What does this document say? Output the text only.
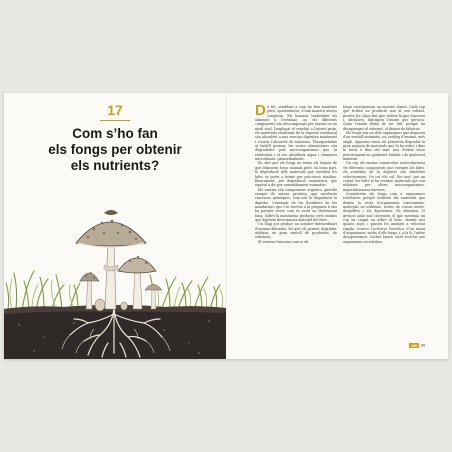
17
Com s’ho fan
els fongs per obtenir
els nutrients?

De fet, semblant a com ho fem nosaltres però, aparentment, d’una manera menys complexa. Els humans tradueixen els aliments a l’estómac, on els diferents components són descomposats per enzims en un medi àcid. Desplaçat el resultat a l’intestí prim, els materials resultants de la digestió estomacal són absorbits a una mucosa digestiva mantenint i s’inicia l’absorció de nutrients. Transportades al budell gruixut, les restes alimentàries són degradades pels microorganismes que hi resideixen i el seu absorbeix aigua i vitamines microbianes, primordialment.

És obvi que els fongs no tenen els òrgans de què disposem força animals però, en bona part, la degradació dels materials que envolten les hifes es porta a terme per processos similars. Bàsicament, per degradació enzimàtica, que equival a dir per enzimàtiament enzimàtic.

Els enzims són components orgànics, gairebé sempre de natura proteica, que acceleren reaccions químiques, com són la degradació la digestió. L’exemple de les floridures de les mandarines que s’hi tracten a la pregunta 6 ens ha permès veure com es sosté un determinat fong. Sobre la mandarina produeix certs enzims que digereix determinats material del fruit.

Un fong pot produir un nombre extraordinari d’enzims diferents, fet que els permet degradar, utilitzar, un gran ventall de productes, de substrats.

El sistema funciona com si els

fongs carreguessin un enorme clauer. Cada cop que troben un producte nou al seu voltant, proven les claus fins que troben la que funciona i, aleshores, fabriquen l’enzim que pertoca. Quan l’enzim deixa de ser útil, perquè ha desaparegut el substrat, el deixen de fabricar.

Els fongs són un dels organismes que disposen d’un ventall enzimàtic, un catàleg d’enzims, més ampli. Aquestes eines els permeten degradar la gran majoria de materials que hi ha sobre i dins la terra o dins del mar. Ara, Podem viure pràcticament en qualsevol hàbitat i de qualsevol material.

Un cop els enzims comnicolen molecularment els diferents components que voregen les hifes, els resultats de la digestió són absorbits selectivament. No tot s’hi val. Per tant, per un costat, les hifes hi ha residus, materials que són utilitzats per altres microorganismes, majoritàriament bacteris.

Considerem els fongs com a organismes reciclaires perquè utilitzen els materials que deixen la resta d’organismes (excrements, materials no utilitzats, restes de cossos morts, despulles) i els digereixen, els eliminen. Si gresoss amb una claveuera el que mereixia un cop ha cuigut un arbre al bosc, durant uns quants anys, i passen les imatges a velocitat ràpida, veureu l’activitat frenètica d’un munt d’organismes, molts d’ells fongs, i, a la fi, l’arbre desapareixerà. L’arbre haurà estat reciclat per organismes recicladors.

100 65
